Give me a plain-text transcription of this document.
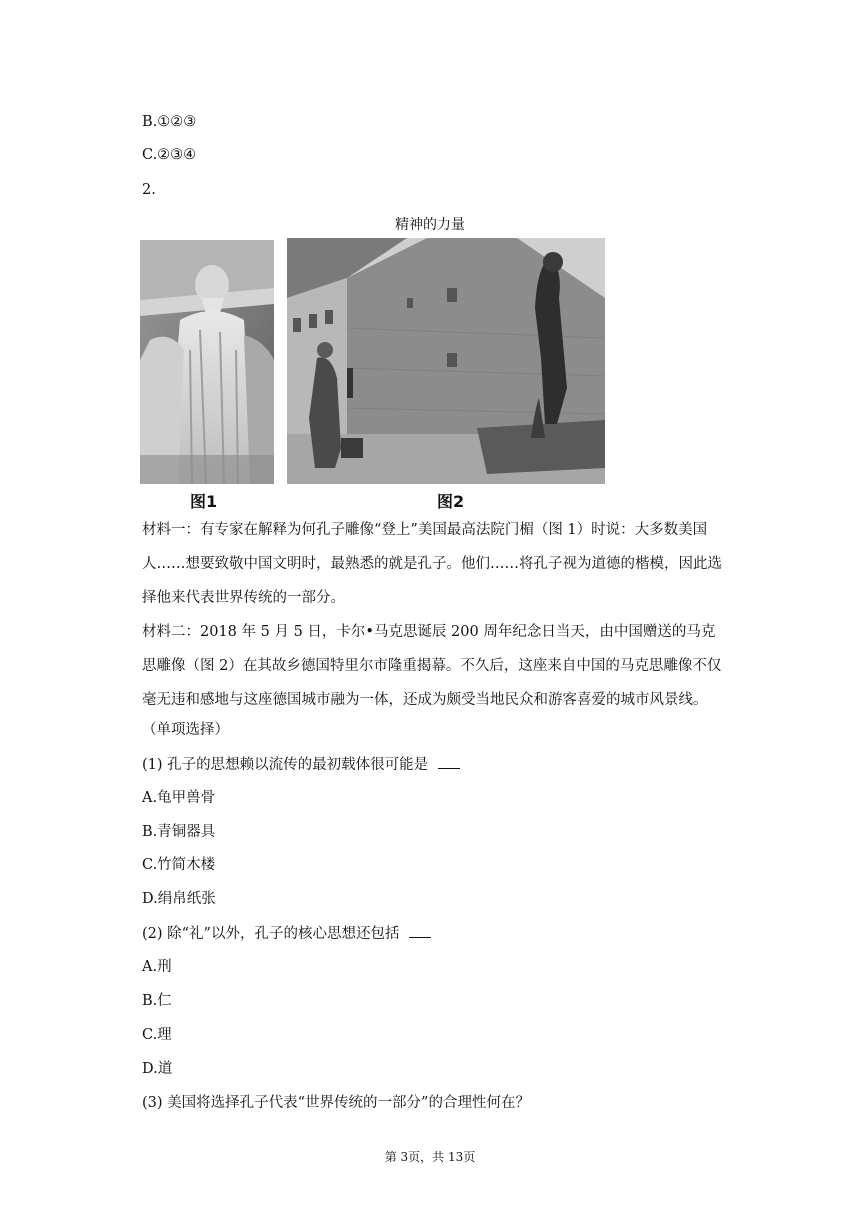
B.①②③
C.②③④
2.
精神的力量
图1	图2
材料一：有专家在解释为何孔子雕像“登上”美国最高法院门楣（图 1）时说：大多数美国人……想要致敬中国文明时，最熟悉的就是孔子。他们……将孔子视为道德的楷模，因此选择他来代表世界传统的一部分。
材料二：2018 年 5 月 5 日，卡尔•马克思诞辰 200 周年纪念日当天，由中国赠送的马克思雕像（图 2）在其故乡德国特里尔市隆重揭幕。不久后，这座来自中国的马克思雕像不仅毫无违和感地与这座德国城市融为一体，还成为颇受当地民众和游客喜爱的城市风景线。
（单项选择）
(1) 孔子的思想赖以流传的最初载体很可能是
A.龟甲兽骨
B.青铜器具
C.竹简木楼
D.绢帛纸张
(2) 除“礼”以外，孔子的核心思想还包括
A.刑
B.仁
C.理
D.道
(3) 美国将选择孔子代表“世界传统的一部分”的合理性何在？
第 3页，共 13页
